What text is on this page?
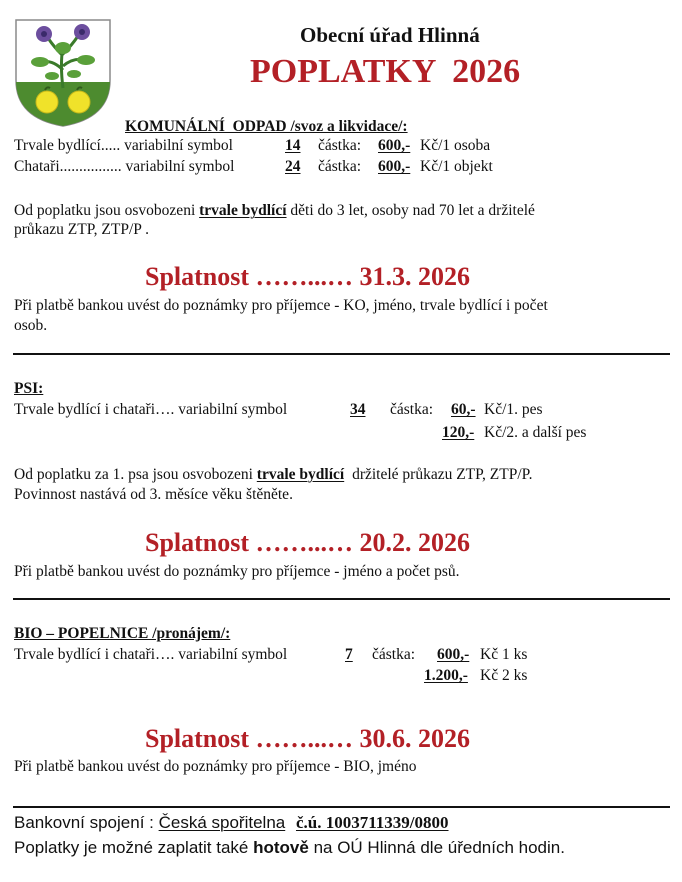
Obecní úřad Hlinná
POPLATKY  2026
KOMUNÁLNÍ  ODPAD /svoz a likvidace/:
Trvale bydlící..... variabilní symbol	14 částka: 600,- Kč/1 osoba
Chataři................ variabilní symbol	24 částka: 600,- Kč/1 objekt
Od poplatku jsou osvobozeni trvale bydlící děti do 3 let, osoby nad 70 let a držitelé
průkazu ZTP, ZTP/P .
Splatnost ……...… 31.3. 2026
Při platbě bankou uvést do poznámky pro příjemce - KO, jméno, trvale bydlící i počet
osob.
PSI:
Trvale bydlící i chataři…. variabilní symbol	34 částka: 60,- Kč/1. pes
120,- Kč/2. a další pes
Od poplatku za 1. psa jsou osvobozeni trvale bydlící držitelé průkazu ZTP, ZTP/P.
Povinnost nastává od 3. měsíce věku štěněte.
Splatnost ……...… 20.2. 2026
Při platbě bankou uvést do poznámky pro příjemce - jméno a počet psů.
BIO – POPELNICE /pronájem/:
Trvale bydlící i chataři…. variabilní symbol	7 částka: 600,- Kč 1 ks
1.200,- Kč 2 ks
Splatnost ……...… 30.6. 2026
Při platbě bankou uvést do poznámky pro příjemce - BIO, jméno
Bankovní spojení : Česká spořitelna č.ú. 1003711339/0800
Poplatky je možné zaplatit také hotově na OÚ Hlinná dle úředních hodin.
